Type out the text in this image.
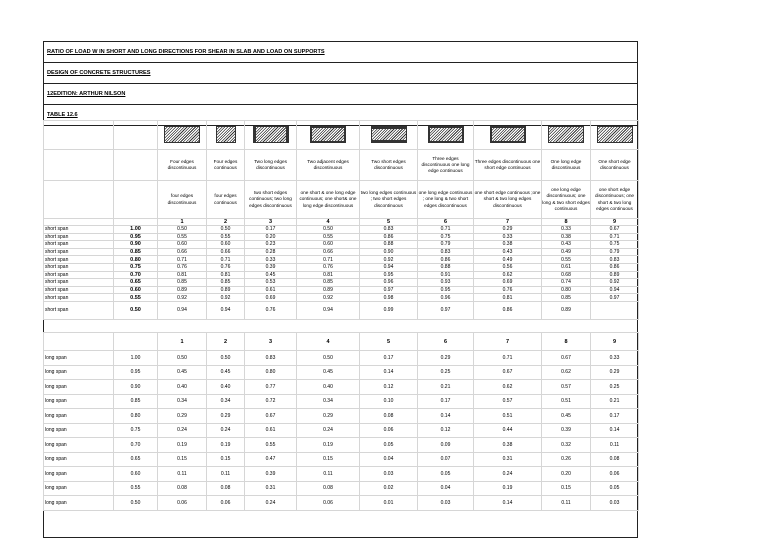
RATIO OF LOAD W IN SHORT AND LONG DIRECTIONS FOR SHEAR IN SLAB AND LOAD ON SUPPORTS
DESIGN OF CONCRETE STRUCTURES
12EDITION: ARTHUR NILSON
TABLE 12.6

		Four edges discontinuous	Four edges continuous	Two long edges discontinuous	Two adjacent edges discontinuous	Two short edges discontinuous	Three edges discontinuous one long edge continuous	Three edges discontinuous one short edge continuous	One long edge discontinuous	One short edge discontinuous
		four edges discontinuous	four edges continuous	two short edges continuous; two long edges discontinuous	one short & one long edge continuous; one short& one long edge discontinuous	two long edges continuous ; two short edges discontinuous	one long edge continuous ; one long & two short edges discontinuous	one short edge continuous ;one short & two long edges discontinuous	one long edge discontinuous; one long & two short edges continuous	one short edge discontinuous; one short & two long edges continuous
		1	2	3	4	5	6	7	8	9
short span	1.00	0.50	0.50	0.17	0.50	0.83	0.71	0.29	0.33	0.67
short span	0.95	0.55	0.55	0.20	0.55	0.86	0.75	0.33	0.38	0.71
short span	0.90	0.60	0.60	0.23	0.60	0.88	0.79	0.38	0.43	0.75
short span	0.85	0.66	0.66	0.28	0.66	0.90	0.83	0.43	0.49	0.79
short span	0.80	0.71	0.71	0.33	0.71	0.92	0.86	0.49	0.55	0.83
short span	0.75	0.76	0.76	0.39	0.76	0.94	0.88	0.56	0.61	0.86
short span	0.70	0.81	0.81	0.45	0.81	0.95	0.91	0.62	0.68	0.89
short span	0.65	0.85	0.85	0.53	0.85	0.96	0.93	0.69	0.74	0.92
short span	0.60	0.89	0.89	0.61	0.89	0.97	0.95	0.76	0.80	0.94
short span	0.55	0.92	0.92	0.69	0.92	0.98	0.96	0.81	0.85	0.97
short span	0.50	0.94	0.94	0.76	0.94	0.99	0.97	0.86	0.89	
		1	2	3	4	5	6	7	8	9
long span	1.00	0.50	0.50	0.83	0.50	0.17	0.29	0.71	0.67	0.33
long span	0.95	0.45	0.45	0.80	0.45	0.14	0.25	0.67	0.62	0.29
long span	0.90	0.40	0.40	0.77	0.40	0.12	0.21	0.62	0.57	0.25
long span	0.85	0.34	0.34	0.72	0.34	0.10	0.17	0.57	0.51	0.21
long span	0.80	0.29	0.29	0.67	0.29	0.08	0.14	0.51	0.45	0.17
long span	0.75	0.24	0.24	0.61	0.24	0.06	0.12	0.44	0.39	0.14
long span	0.70	0.19	0.19	0.55	0.19	0.05	0.09	0.38	0.32	0.11
long span	0.65	0.15	0.15	0.47	0.15	0.04	0.07	0.31	0.26	0.08
long span	0.60	0.11	0.11	0.39	0.11	0.03	0.05	0.24	0.20	0.06
long span	0.55	0.08	0.08	0.31	0.08	0.02	0.04	0.19	0.15	0.05
long span	0.50	0.06	0.06	0.24	0.06	0.01	0.03	0.14	0.11	0.03
